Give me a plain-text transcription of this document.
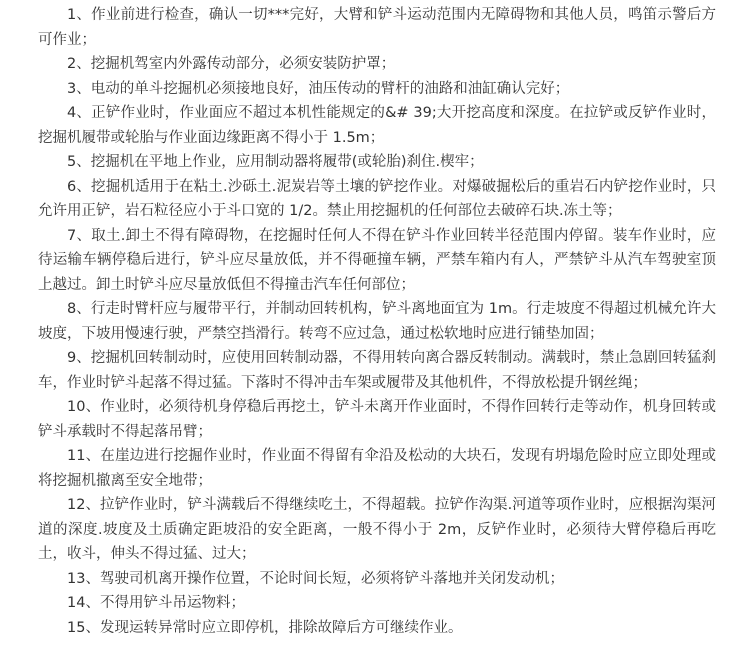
1、作业前进行检查，确认一切***完好，大臂和铲斗运动范围内无障碍物和其他人员，鸣笛示警后方可作业；

2、挖掘机驾室内外露传动部分，必须安装防护罩；

3、电动的单斗挖掘机必须接地良好，油压传动的臂杆的油路和油缸确认完好；

4、正铲作业时，作业面应不超过本机性能规定的&# 39;大开挖高度和深度。在拉铲或反铲作业时，挖掘机履带或轮胎与作业面边缘距离不得小于 1.5m；

5、挖掘机在平地上作业，应用制动器将履带(或轮胎)刹住.楔牢；

6、挖掘机适用于在粘土.沙砾土.泥炭岩等土壤的铲挖作业。对爆破掘松后的重岩石内铲挖作业时，只允许用正铲，岩石粒径应小于斗口宽的 1/2。禁止用挖掘机的任何部位去破碎石块.冻土等；

7、取土.卸土不得有障碍物，在挖掘时任何人不得在铲斗作业回转半径范围内停留。装车作业时，应待运输车辆停稳后进行，铲斗应尽量放低，并不得砸撞车辆，严禁车箱内有人，严禁铲斗从汽车驾驶室顶上越过。卸土时铲斗应尽量放低但不得撞击汽车任何部位；

8、行走时臂杆应与履带平行，并制动回转机构，铲斗离地面宜为 1m。行走坡度不得超过机械允许大坡度，下坡用慢速行驶，严禁空挡滑行。转弯不应过急，通过松软地时应进行铺垫加固；

9、挖掘机回转制动时，应使用回转制动器，不得用转向离合器反转制动。满载时，禁止急剧回转猛刹车，作业时铲斗起落不得过猛。下落时不得冲击车架或履带及其他机件，不得放松提升钢丝绳；

10、作业时，必须待机身停稳后再挖土，铲斗未离开作业面时，不得作回转行走等动作，机身回转或铲斗承载时不得起落吊臂；

11、在崖边进行挖掘作业时，作业面不得留有伞沿及松动的大块石，发现有坍塌危险时应立即处理或将挖掘机撤离至安全地带；

12、拉铲作业时，铲斗满载后不得继续吃土，不得超载。拉铲作沟渠.河道等项作业时，应根据沟渠河道的深度.坡度及土质确定距坡沿的安全距离，一般不得小于 2m，反铲作业时，必须待大臂停稳后再吃土，收斗，伸头不得过猛、过大；

13、驾驶司机离开操作位置，不论时间长短，必须将铲斗落地并关闭发动机；

14、不得用铲斗吊运物料；

15、发现运转异常时应立即停机，排除故障后方可继续作业。
